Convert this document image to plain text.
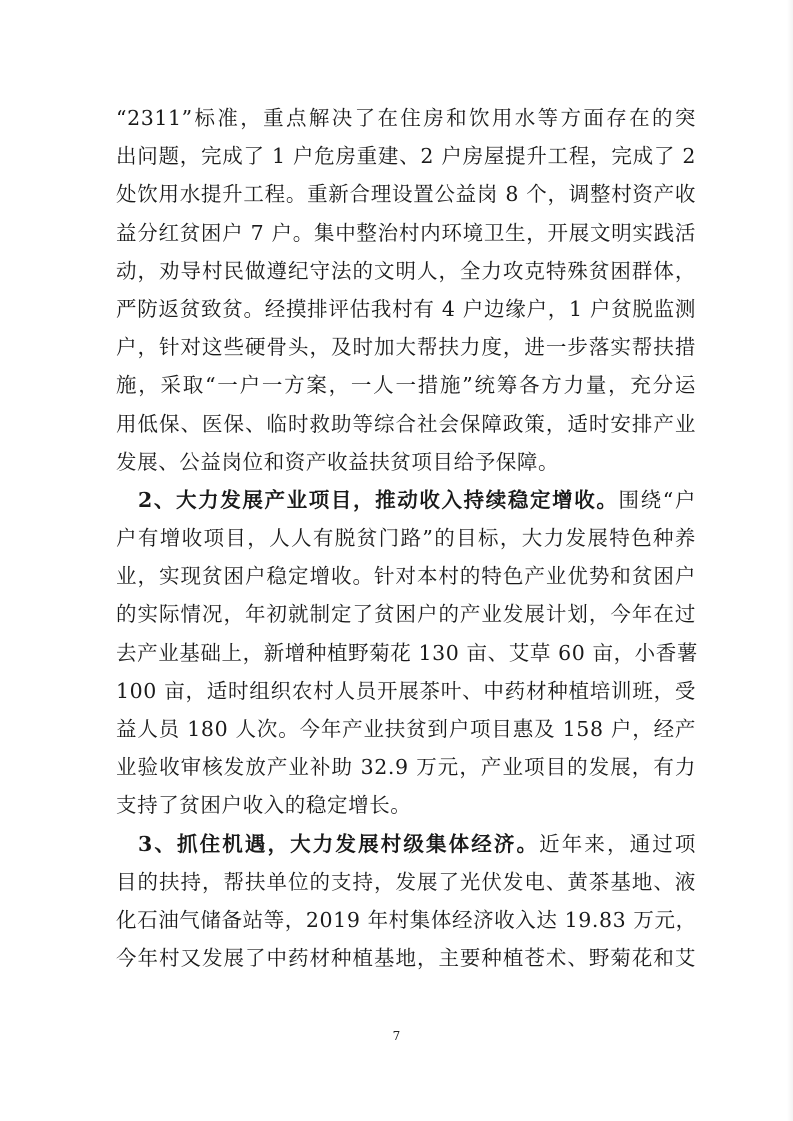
“2311”标准，重点解决了在住房和饮用水等方面存在的突
出问题，完成了 1 户危房重建、2 户房屋提升工程，完成了 2
处饮用水提升工程。重新合理设置公益岗 8 个，调整村资产收
益分红贫困户 7 户。集中整治村内环境卫生，开展文明实践活
动，劝导村民做遵纪守法的文明人，全力攻克特殊贫困群体，
严防返贫致贫。经摸排评估我村有 4 户边缘户，1 户贫脱监测
户，针对这些硬骨头，及时加大帮扶力度，进一步落实帮扶措
施，采取“一户一方案，一人一措施”统筹各方力量，充分运
用低保、医保、临时救助等综合社会保障政策，适时安排产业
发展、公益岗位和资产收益扶贫项目给予保障。
2、大力发展产业项目，推动收入持续稳定增收。围绕“户
户有增收项目，人人有脱贫门路”的目标，大力发展特色种养
业，实现贫困户稳定增收。针对本村的特色产业优势和贫困户
的实际情况，年初就制定了贫困户的产业发展计划，今年在过
去产业基础上，新增种植野菊花 130 亩、艾草 60 亩，小香薯
100 亩，适时组织农村人员开展茶叶、中药材种植培训班，受
益人员 180 人次。今年产业扶贫到户项目惠及 158 户，经产
业验收审核发放产业补助 32.9 万元，产业项目的发展，有力
支持了贫困户收入的稳定增长。
3、抓住机遇，大力发展村级集体经济。近年来，通过项
目的扶持，帮扶单位的支持，发展了光伏发电、黄茶基地、液
化石油气储备站等，2019 年村集体经济收入达 19.83 万元，
今年村又发展了中药材种植基地，主要种植苍术、野菊花和艾
7
